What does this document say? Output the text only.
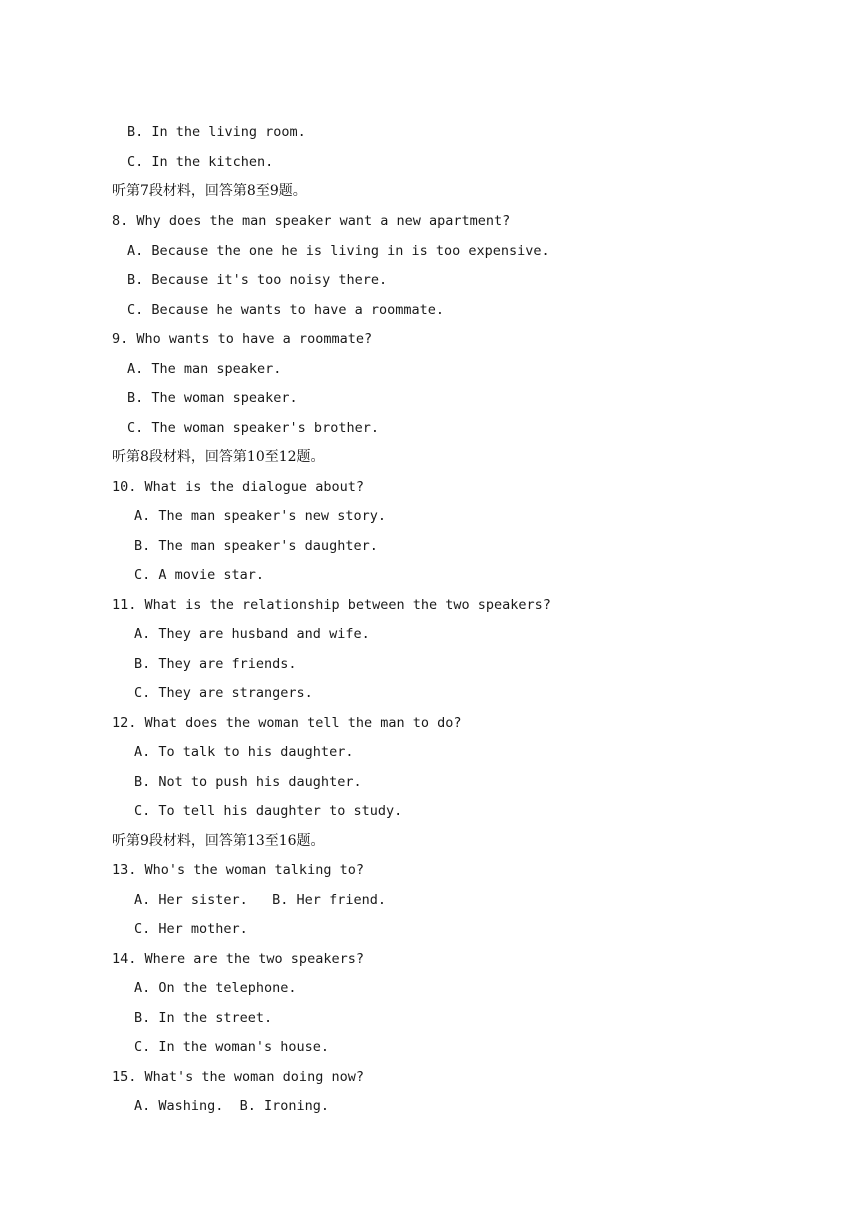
B. In the living room.
C. In the kitchen.
听第7段材料，回答第8至9题。
8. Why does the man speaker want a new apartment?
A. Because the one he is living in is too expensive.
B. Because it's too noisy there.
C. Because he wants to have a roommate.
9. Who wants to have a roommate?
A. The man speaker.
B. The woman speaker.
C. The woman speaker's brother.
听第8段材料，回答第10至12题。
10. What is the dialogue about?
A. The man speaker's new story.
B. The man speaker's daughter.
C. A movie star.
11. What is the relationship between the two speakers?
A. They are husband and wife.
B. They are friends.
C. They are strangers.
12. What does the woman tell the man to do?
A. To talk to his daughter.
B. Not to push his daughter.
C. To tell his daughter to study.
听第9段材料，回答第13至16题。
13. Who's the woman talking to?
A. Her sister.   B. Her friend.
C. Her mother.
14. Where are the two speakers?
A. On the telephone.
B. In the street.
C. In the woman's house.
15. What's the woman doing now?
A. Washing.  B. Ironing.
